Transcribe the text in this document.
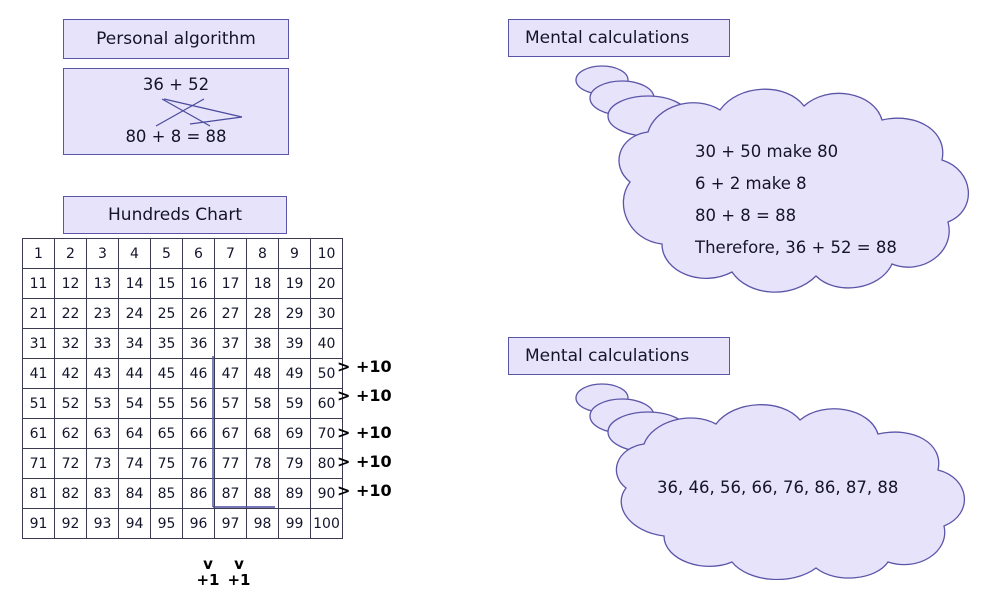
Personal algorithm
36 + 52
80 + 8 = 88
Hundreds Chart
1	2	3	4	5	6	7	8	9	10
11	12	13	14	15	16	17	18	19	20
21	22	23	24	25	26	27	28	29	30
31	32	33	34	35	36	37	38	39	40
41	42	43	44	45	46	47	48	49	50
51	52	53	54	55	56	57	58	59	60
61	62	63	64	65	66	67	68	69	70
71	72	73	74	75	76	77	78	79	80
81	82	83	84	85	86	87	88	89	90
91	92	93	94	95	96	97	98	99	100
> +10
> +10
> +10
> +10
> +10
v
+1
v
+1
Mental calculations
30 + 50 make 80
6 + 2 make 8
80 + 8 = 88
Therefore, 36 + 52 = 88
Mental calculations
36, 46, 56, 66, 76, 86, 87, 88
